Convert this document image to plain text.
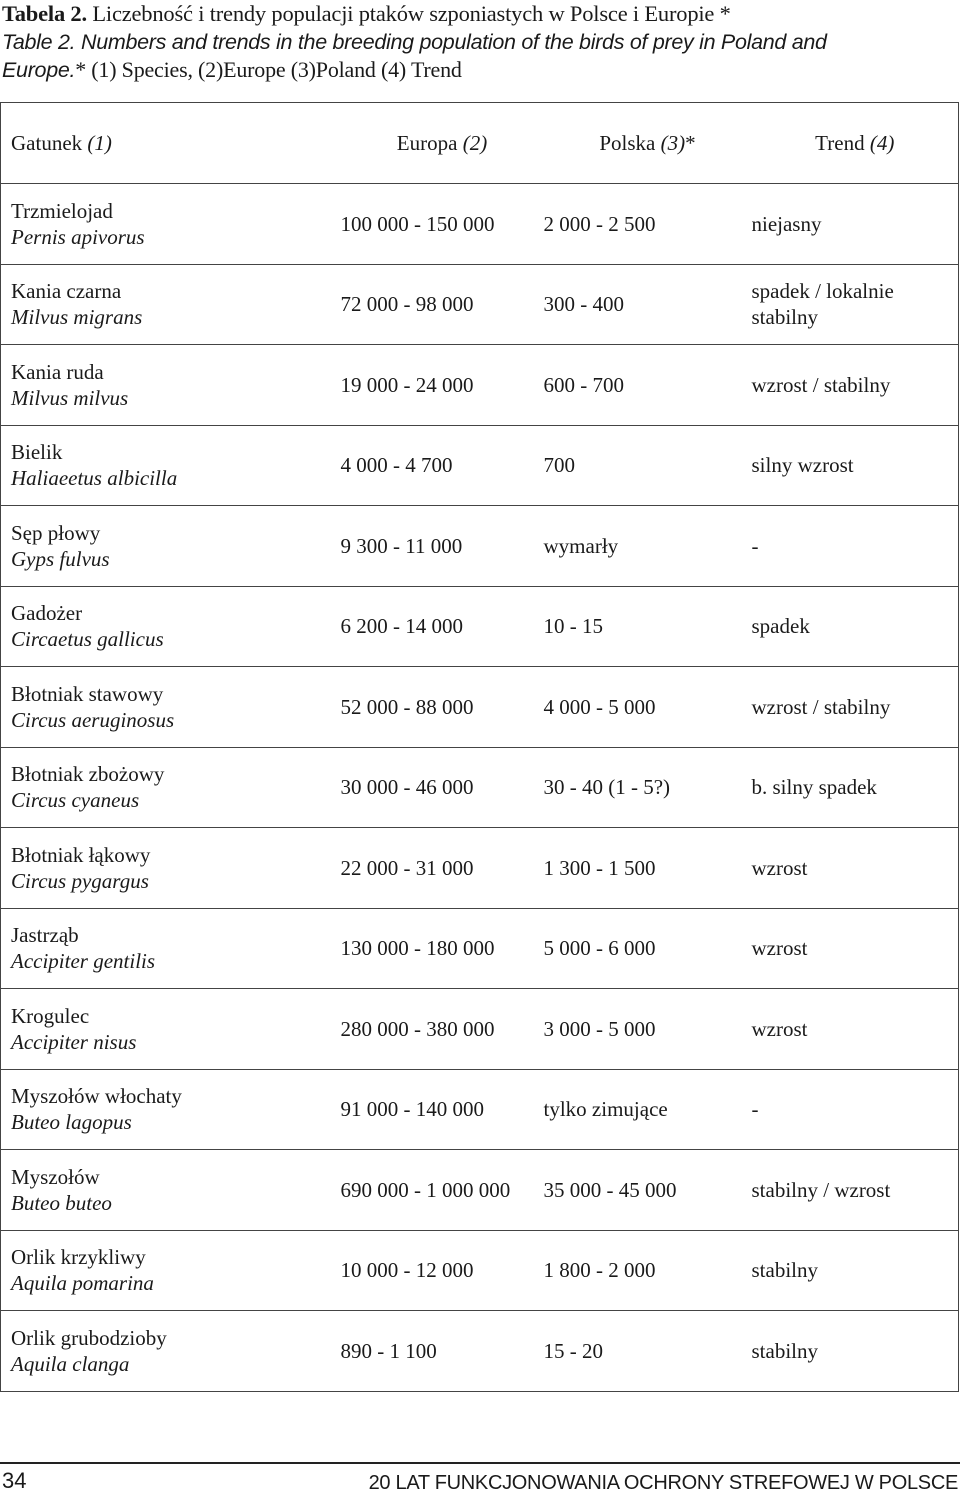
Tabela 2. Liczebność i trendy populacji ptaków szponiastych w Polsce i Europie *
Table 2. Numbers and trends in the breeding population of the birds of prey in Poland and
Europe.* (1) Species, (2)Europe (3)Poland (4) Trend
Gatunek (1)	Europa (2)	Polska (3)*	Trend (4)

Trzmielojad
Pernis apivorus	100 000 - 150 000	2 000 - 2 500	niejasny

Kania czarna
Milvus migrans	72 000 - 98 000	300 - 400	spadek / lokalnie
stabilny

Kania ruda
Milvus milvus	19 000 - 24 000	600 - 700	wzrost / stabilny

Bielik
Haliaeetus albicilla	4 000 - 4 700	700	silny wzrost

Sęp płowy
Gyps fulvus	9 300 - 11 000	wymarły	-

Gadożer
Circaetus gallicus	6 200 - 14 000	10 - 15	spadek

Błotniak stawowy
Circus aeruginosus	52 000 - 88 000	4 000 - 5 000	wzrost / stabilny

Błotniak zbożowy
Circus cyaneus	30 000 - 46 000	30 - 40 (1 - 5?)	b. silny spadek

Błotniak łąkowy
Circus pygargus	22 000 - 31 000	1 300 - 1 500	wzrost

Jastrząb
Accipiter gentilis	130 000 - 180 000	5 000 - 6 000	wzrost

Krogulec
Accipiter nisus	280 000 - 380 000	3 000 - 5 000	wzrost

Myszołów włochaty
Buteo lagopus	91 000 - 140 000	tylko zimujące	-

Myszołów
Buteo buteo	690 000 - 1 000 000	35 000 - 45 000	stabilny / wzrost

Orlik krzykliwy
Aquila pomarina	10 000 - 12 000	1 800 - 2 000	stabilny

Orlik grubodzioby
Aquila clanga	890 - 1 100	15 - 20	stabilny
34	20 LAT FUNKCJONOWANIA OCHRONY STREFOWEJ W POLSCE
